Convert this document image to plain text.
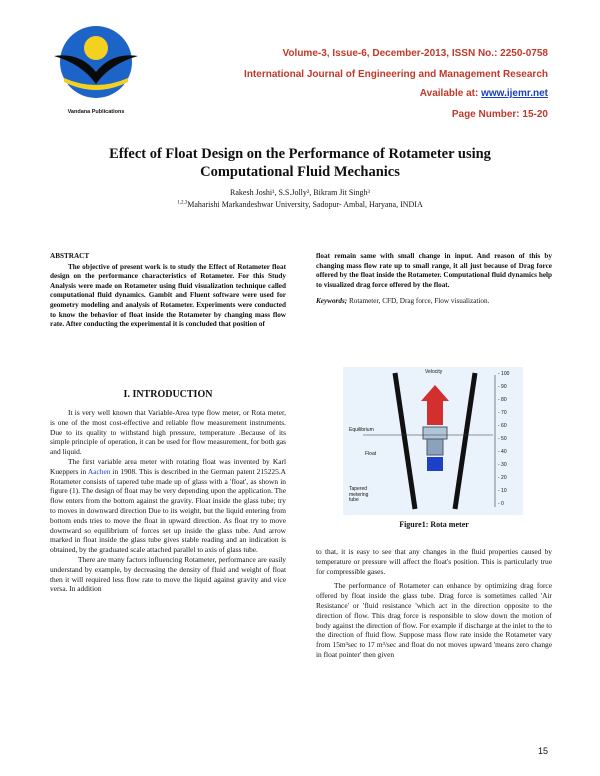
Vandana Publications
Volume-3, Issue-6, December-2013, ISSN No.: 2250-0758
International Journal of Engineering and Management Research
Available at: www.ijemr.net
Page Number: 15-20
Effect of Float Design on the Performance of Rotameter using
Computational Fluid Mechanics
Rakesh Joshi¹, S.S.Jolly², Bikram Jit Singh³
$^{1,2,3}$Maharishi Markandeshwar University, Sadopur- Ambal, Haryana, INDIA
ABSTRACT

The objective of present work is to study the Effect of Rotameter float design on the performance characteristics of Rotameter. For this Study Analysis were made on Rotameter using fluid visualization technique called computational fluid dynamics. Gambit and Fluent software were used for geometry modeling and analysis of Rotameter. Experiments were conducted to know the behavior of float inside the Rotameter by changing mass flow rate. After conducting the experimental it is concluded that position of

float remain same with small change in input. And reason of this by changing mass flow rate up to small range, it all just because of Drag force offered by the float inside the Rotameter. Computational fluid dynamics help to visualized drag force offered by the float.

Keywords; Rotameter, CFD, Drag force, Flow visualization.

I. INTRODUCTION

It is very well known that Variable-Area type flow meter, or Rota meter, is one of the most cost-effective and reliable flow measurement instruments. Due to its quality to withstand high pressure, temperature .Because of its simple principle of operation, it can be used for flow measurement, for both gas and liquid.

The first variable area meter with rotating float was invented by Karl Kueppers in Aachen in 1908. This is described in the German patent 215225.A Rotameter consists of tapered tube made up of glass with a 'float', as shown in figure (1). The design of float may be very depending upon the application. The flow enters from the bottom against the gravity. Float inside the glass tube; try to moves in downward direction Due to its weight, but the liquid entering from bottom ends tries to move the float in upward direction. As float try to move downward so equilibrium of forces set up inside the glass tube. And arrow marked in float inside the glass tube gives stable reading and an indication is obtained, by the graduated scale attached parallel to axis of glass tube.

There are many factors influencing Rotameter, performance are easily understand by example, by decreasing the density of fluid and weight of float then it will required less flow rate to move the liquid against gravity and vice versa. In addition

Velocity
Equilibrium
Float
Tapered
metering
tube
- 100
- 90
- 80
- 70
- 60
- 50
- 40
- 30
- 20
- 10
- 0
Figure1: Rota meter

to that, it is easy to see that any changes in the fluid properties caused by temperature or pressure will affect the float's position. This is particularly true for compressible gases.

The performance of Rotameter can enhance by optimizing drag force offered by float inside the glass tube. Drag force is sometimes called 'Air Resistance' or 'fluid resistance 'which act in the direction opposite to the direction of flow. This drag force is responsible to slow down the motion of body against the direction of flow. For example if discharge at the inlet to the to the direction of fluid flow. Suppose mass flow rate inside the Rotameter vary from 15m³sec to 17 m³/sec and float do not moves upward 'means zero change in float pointer' then given

15
